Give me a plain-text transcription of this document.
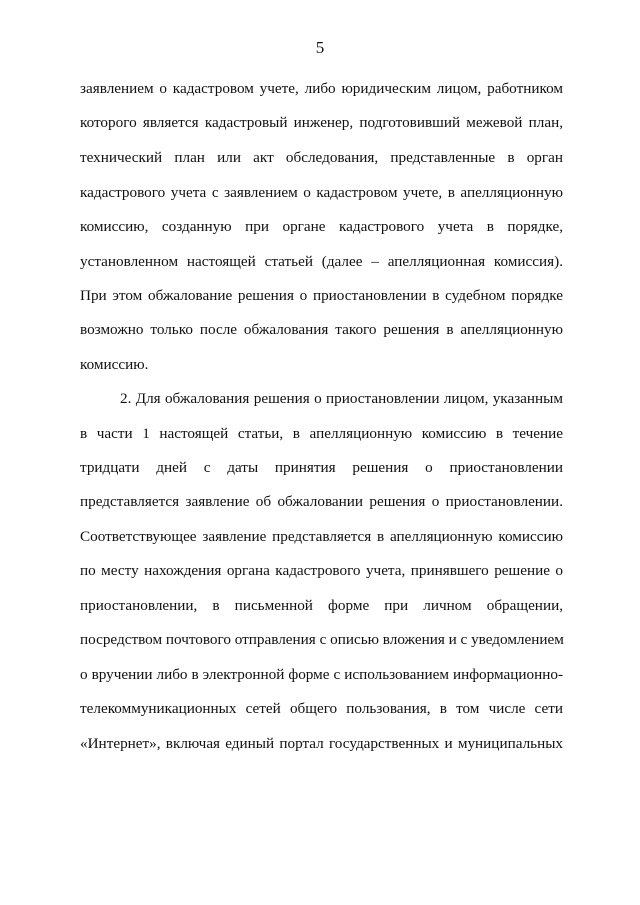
5
заявлением о кадастровом учете, либо юридическим лицом, работником
которого является кадастровый инженер, подготовивший межевой план,
технический план или акт обследования, представленные в орган
кадастрового учета с заявлением о кадастровом учете, в апелляционную
комиссию, созданную при органе кадастрового учета в порядке,
установленном настоящей статьей (далее – апелляционная комиссия).
При этом обжалование решения о приостановлении в судебном порядке
возможно только после обжалования такого решения в апелляционную
комиссию.
2. Для обжалования решения о приостановлении лицом, указанным
в части 1 настоящей статьи, в апелляционную комиссию в течение
тридцати дней с даты принятия решения о приостановлении
представляется заявление об обжаловании решения о приостановлении.
Соответствующее заявление представляется в апелляционную комиссию
по месту нахождения органа кадастрового учета, принявшего решение о
приостановлении, в письменной форме при личном обращении,
посредством почтового отправления с описью вложения и с уведомлением
о вручении либо в электронной форме с использованием информационно-
телекоммуникационных сетей общего пользования, в том числе сети
«Интернет», включая единый портал государственных и муниципальных
